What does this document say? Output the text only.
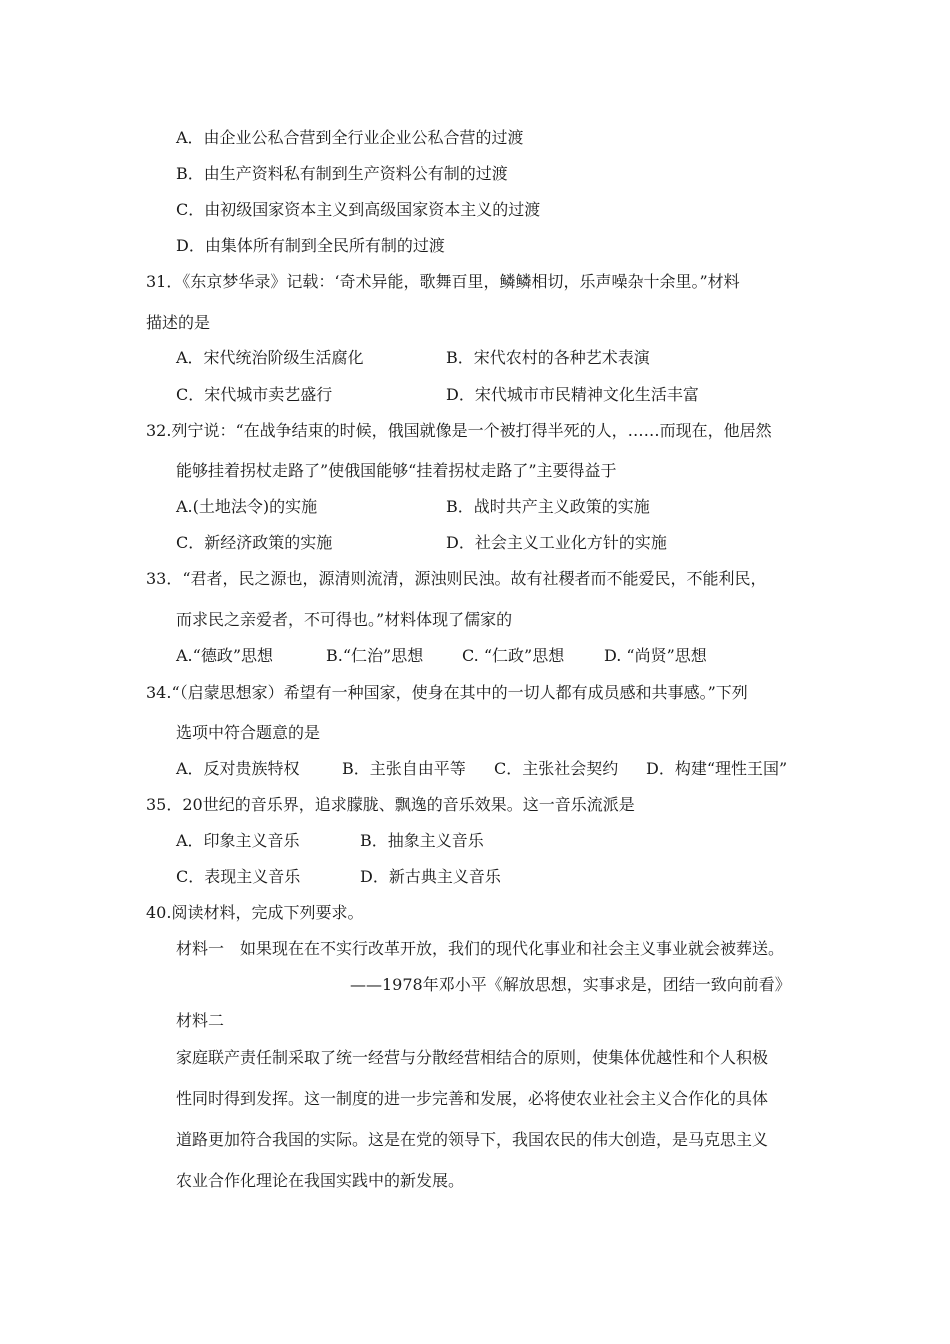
A．由企业公私合营到全行业企业公私合营的过渡
B．由生产资料私有制到生产资料公有制的过渡
C．由初级国家资本主义到高级国家资本主义的过渡
D．由集体所有制到全民所有制的过渡
31．《东京梦华录》记载：‘奇术异能，歌舞百里，鳞鳞相切，乐声噪杂十余里。”材料
描述的是
A．宋代统治阶级生活腐化	B．宋代农村的各种艺术表演
C．宋代城市卖艺盛行	D．宋代城市市民精神文化生活丰富
32.列宁说：“在战争结束的时候，俄国就像是一个被打得半死的人，……而现在，他居然
能够挂着拐杖走路了”使俄国能够“挂着拐杖走路了”主要得益于
A.(土地法令)的实施	B．战时共产主义政策的实施
C．新经济政策的实施	D．社会主义工业化方针的实施
33．“君者，民之源也，源清则流清，源浊则民浊。故有社稷者而不能爱民，不能利民，
而求民之亲爱者，不可得也。”材料体现了儒家的
A.“德政”思想	B.“仁治”思想 C. “仁政”思想 D. “尚贤”思想
34.“（启蒙思想家）希望有一种国家，使身在其中的一切人都有成员感和共事感。”下列
选项中符合题意的是
A．反对贵族特权	B．主张自由平等 C．主张社会契约 D．构建“理性王国”
35．20世纪的音乐界，追求朦胧、飘逸的音乐效果。这一音乐流派是
A．印象主义音乐	B．抽象主义音乐
C．表现主义音乐	D．新古典主义音乐
40.阅读材料，完成下列要求。
材料一　如果现在在不实行改革开放，我们的现代化事业和社会主义事业就会被葬送。
——1978年邓小平《解放思想，实事求是，团结一致向前看》
材料二
家庭联产责任制采取了统一经营与分散经营相结合的原则，使集体优越性和个人积极
性同时得到发挥。这一制度的进一步完善和发展，必将使农业社会主义合作化的具体
道路更加符合我国的实际。这是在党的领导下，我国农民的伟大创造，是马克思主义
农业合作化理论在我国实践中的新发展。
